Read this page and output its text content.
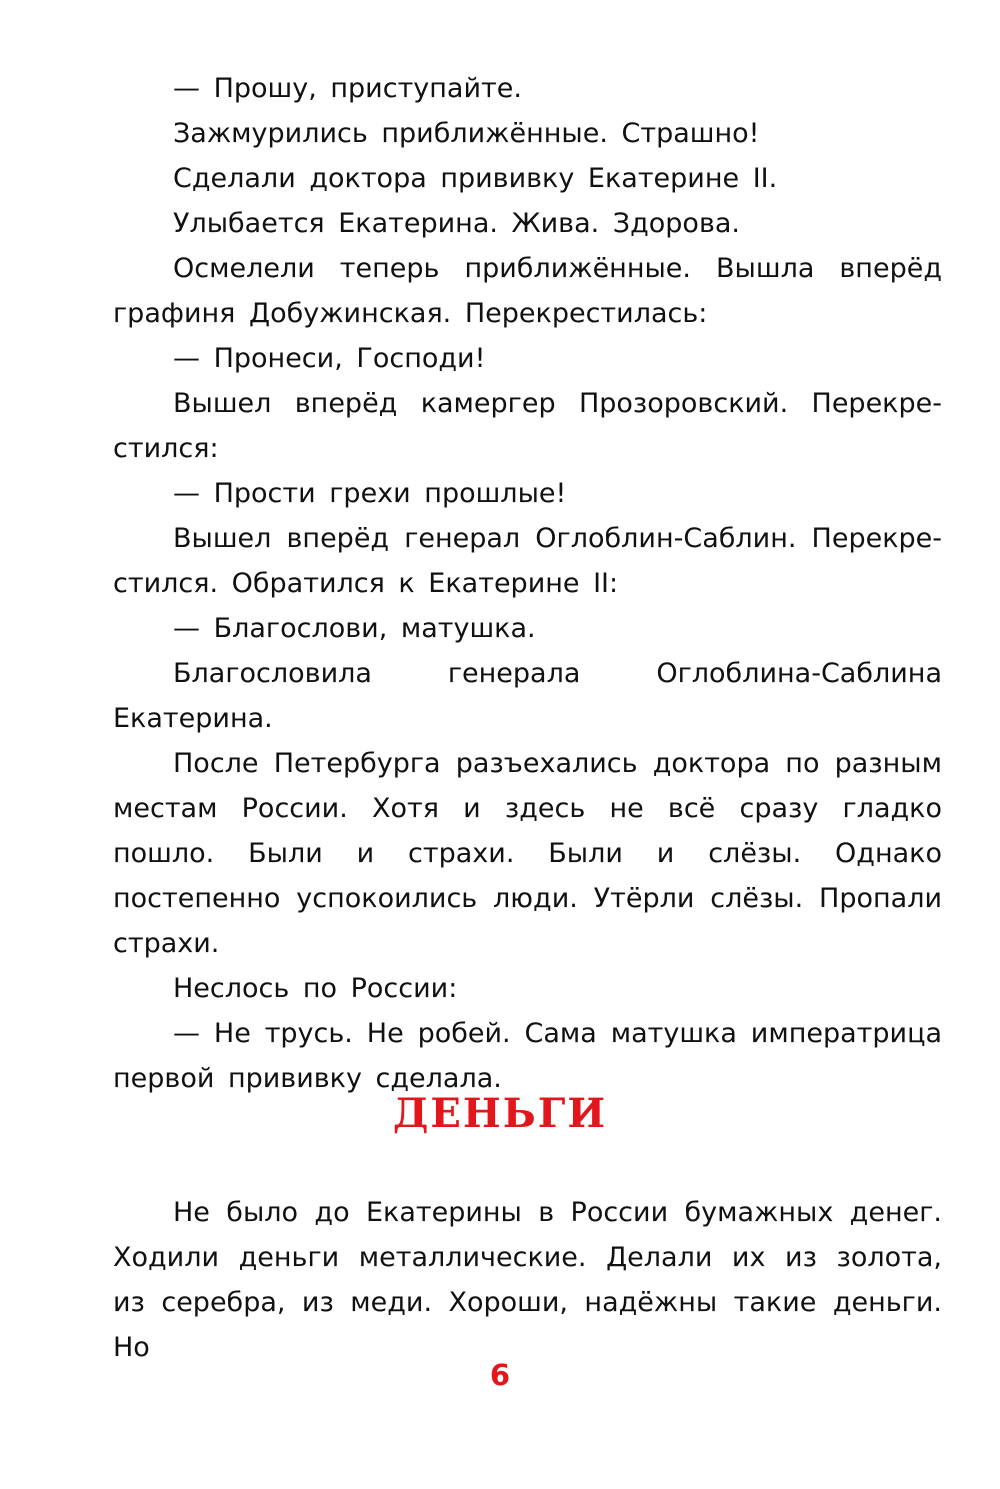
— Прошу, приступайте.

Зажмурились приближённые. Страшно!

Сделали доктора прививку Екатерине II.

Улыбается Екатерина. Жива. Здорова.

Осмелели теперь приближённые. Вышла вперёд графиня Добужинская. Перекрестилась:

— Пронеси, Господи!

Вышел вперёд камергер Прозоровский. Перекрестился:

— Прости грехи прошлые!

Вышел вперёд генерал Оглоблин-Саблин. Перекрестился. Обратился к Екатерине II:

— Благослови, матушка.

Благословила генерала Оглоблина-Саблина Екатерина.

После Петербурга разъехались доктора по разным местам России. Хотя и здесь не всё сразу гладко пошло. Были и страхи. Были и слёзы. Однако постепенно успокоились люди. Утёрли слёзы. Пропали страхи.

Неслось по России:

— Не трусь. Не робей. Сама матушка императрица первой прививку сделала.

ДЕНЬГИ

Не было до Екатерины в России бумажных денег. Ходили деньги металлические. Делали их из золота, из серебра, из меди. Хороши, надёжны такие деньги. Но

6
